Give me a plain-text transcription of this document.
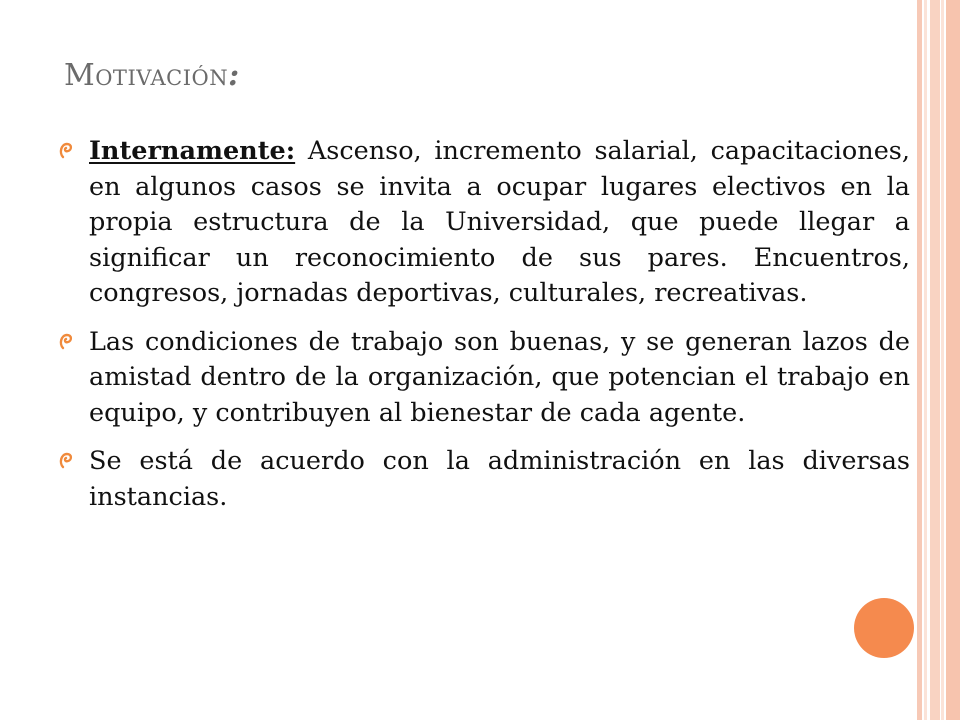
Motivación:
Internamente: Ascenso, incremento salarial, capacitaciones, en algunos casos se invita a ocupar lugares electivos en la propia estructura de la Universidad, que puede llegar a significar un reconocimiento de sus pares. Encuentros, congresos, jornadas deportivas, culturales, recreativas.
Las condiciones de trabajo son buenas, y se generan lazos de amistad dentro de la organización, que potencian el trabajo en equipo, y contribuyen al bienestar de cada agente.
Se está de acuerdo con la administración en las diversas instancias.
